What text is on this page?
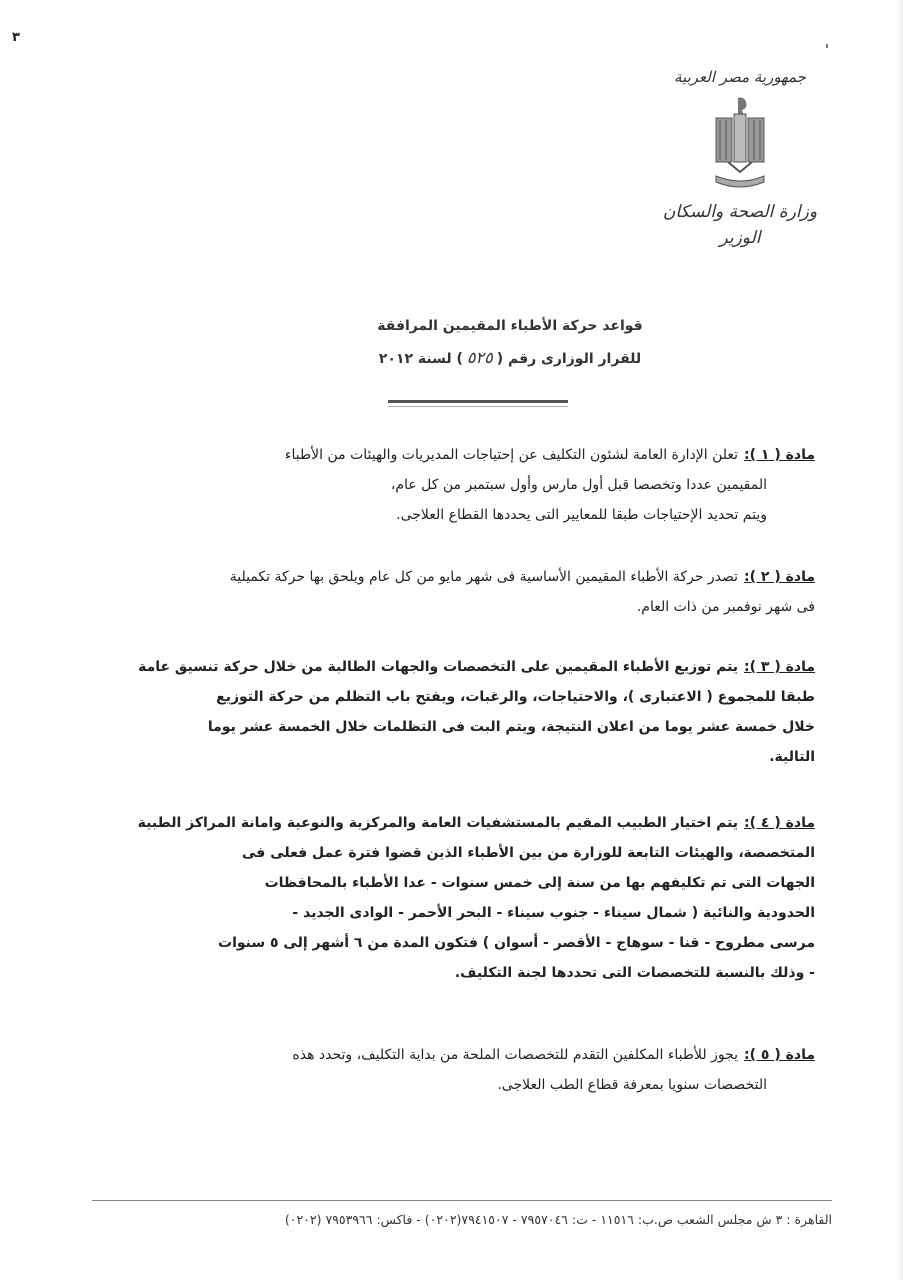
٣
جمهورية مصر العربية
وزارة الصحة والسكان
الوزير
قواعد حركة الأطباء المقيمين المرافقة
للقرار الوزارى رقم (٥٢٥) لسنة ٢٠١٢
مادة ( ١ ):تعلن الإدارة العامة لشئون التكليف عن إحتياجات المديريات والهيئات من الأطباء
المقيمين عددا وتخصصا قبل أول مارس وأول سبتمبر من كل عام،
ويتم تحديد الإحتياجات طبقا للمعايير التى يحددها القطاع العلاجى.
مادة ( ٢ ):تصدر حركة الأطباء المقيمين الأساسية فى شهر مايو من كل عام ويلحق بها حركة تكميلية
فى شهر نوفمبر من ذات العام.
مادة ( ٣ ):يتم توزيع الأطباء المقيمين على التخصصات والجهات الطالبة من خلال حركة تنسيق عامة
طبقا للمجموع ( الاعتبارى )، والاحتياجات، والرغبات، ويفتح باب التظلم من حركة التوزيع
خلال خمسة عشر يوما من اعلان النتيجة، ويتم البت فى التظلمات خلال الخمسة عشر يوما
التالية.
مادة ( ٤ ):يتم اختيار الطبيب المقيم بالمستشفيات العامة والمركزية والنوعية وامانة المراكز الطبية
المتخصصة، والهيئات التابعة للوزارة من بين الأطباء الذين قضوا فترة عمل فعلى فى
الجهات التى تم تكليفهم بها من سنة إلى خمس سنوات - عدا الأطباء بالمحافظات
الحدودية والنائية ( شمال سيناء - جنوب سيناء - البحر الأحمر - الوادى الجديد -
مرسى مطروح - قنا - سوهاج - الأقصر - أسوان ) فتكون المدة من ٦ أشهر إلى ٥ سنوات
- وذلك بالنسبة للتخصصات التى تحددها لجنة التكليف.
مادة ( ٥ ):يجوز للأطباء المكلفين التقدم للتخصصات الملحة من بداية التكليف، وتحدد هذه
التخصصات سنويا بمعرفة قطاع الطب العلاجى.
القاهرة : ٣ ش مجلس الشعب ص.ب: ١١٥١٦ - ت: ٧٩٥٧٠٤٦ - ٧٩٤١٥٠٧(٠٢٠٢) - فاكس: ٧٩٥٣٩٦٦ (٠٢٠٢)
